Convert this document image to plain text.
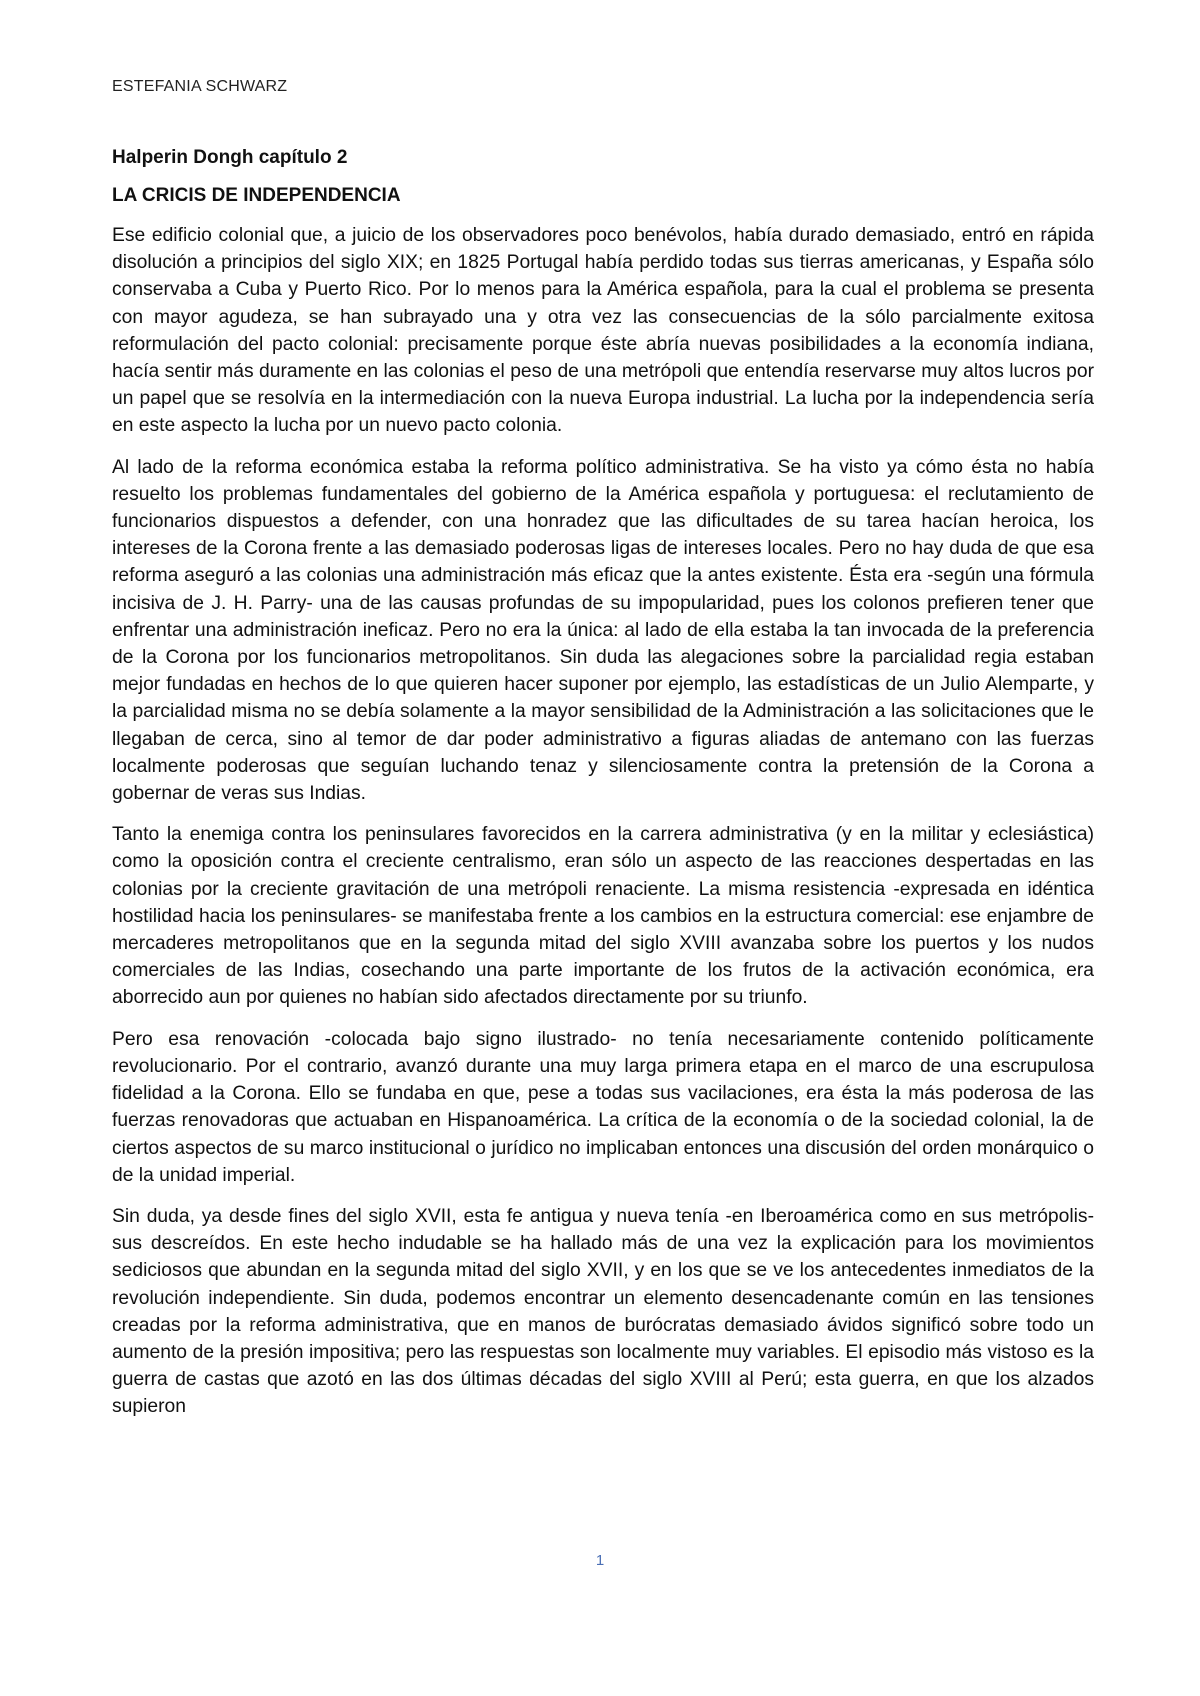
ESTEFANIA SCHWARZ

Halperin Dongh capítulo 2

LA CRICIS DE INDEPENDENCIA

Ese edificio colonial que, a juicio de los observadores poco benévolos, había durado demasiado, entró en rápida disolución a principios del siglo XIX; en 1825 Portugal había perdido todas sus tierras americanas, y España sólo conservaba a Cuba y Puerto Rico. Por lo menos para la América española, para la cual el problema se presenta con mayor agudeza, se han subrayado una y otra vez las consecuencias de la sólo parcialmente exitosa reformulación del pacto colonial: precisamente porque éste abría nuevas posibilidades a la economía indiana, hacía sentir más duramente en las colonias el peso de una metrópoli que entendía reservarse muy altos lucros por un papel que se resolvía en la intermediación con la nueva Europa industrial. La lucha por la independencia sería en este aspecto la lucha por un nuevo pacto colonia.

Al lado de la reforma económica estaba la reforma político administrativa. Se ha visto ya cómo ésta no había resuelto los problemas fundamentales del gobierno de la América española y portuguesa: el reclutamiento de funcionarios dispuestos a defender, con una honradez que las dificultades de su tarea hacían heroica, los intereses de la Corona frente a las demasiado poderosas ligas de intereses locales. Pero no hay duda de que esa reforma aseguró a las colonias una administración más eficaz que la antes existente. Ésta era -según una fórmula incisiva de J. H. Parry- una de las causas profundas de su impopularidad, pues los colonos prefieren tener que enfrentar una administración ineficaz. Pero no era la única: al lado de ella estaba la tan invocada de la preferencia de la Corona por los funcionarios metropolitanos. Sin duda las alegaciones sobre la parcialidad regia estaban mejor fundadas en hechos de lo que quieren hacer suponer por ejemplo, las estadísticas de un Julio Alemparte, y la parcialidad misma no se debía solamente a la mayor sensibilidad de la Administración a las solicitaciones que le llegaban de cerca, sino al temor de dar poder administrativo a figuras aliadas de antemano con las fuerzas localmente poderosas que seguían luchando tenaz y silenciosamente contra la pretensión de la Corona a gobernar de veras sus Indias.

Tanto la enemiga contra los peninsulares favorecidos en la carrera administrativa (y en la militar y eclesiástica) como la oposición contra el creciente centralismo, eran sólo un aspecto de las reacciones despertadas en las colonias por la creciente gravitación de una metrópoli renaciente. La misma resistencia -expresada en idéntica hostilidad hacia los peninsulares- se manifestaba frente a los cambios en la estructura comercial: ese enjambre de mercaderes metropolitanos que en la segunda mitad del siglo XVIII avanzaba sobre los puertos y los nudos comerciales de las Indias, cosechando una parte importante de los frutos de la activación económica, era aborrecido aun por quienes no habían sido afectados directamente por su triunfo.

Pero esa renovación -colocada bajo signo ilustrado- no tenía necesariamente contenido políticamente revolucionario. Por el contrario, avanzó durante una muy larga primera etapa en el marco de una escrupulosa fidelidad a la Corona. Ello se fundaba en que, pese a todas sus vacilaciones, era ésta la más poderosa de las fuerzas renovadoras que actuaban en Hispanoamérica. La crítica de la economía o de la sociedad colonial, la de ciertos aspectos de su marco institucional o jurídico no implicaban entonces una discusión del orden monárquico o de la unidad imperial.

Sin duda, ya desde fines del siglo XVII, esta fe antigua y nueva tenía -en Iberoamérica como en sus metrópolis- sus descreídos. En este hecho indudable se ha hallado más de una vez la explicación para los movimientos sediciosos que abundan en la segunda mitad del siglo XVII, y en los que se ve los antecedentes inmediatos de la revolución independiente. Sin duda, podemos encontrar un elemento desencadenante común en las tensiones creadas por la reforma administrativa, que en manos de burócratas demasiado ávidos significó sobre todo un aumento de la presión impositiva; pero las respuestas son localmente muy variables. El episodio más vistoso es la guerra de castas que azotó en las dos últimas décadas del siglo XVIII al Perú; esta guerra, en que los alzados supieron

1
